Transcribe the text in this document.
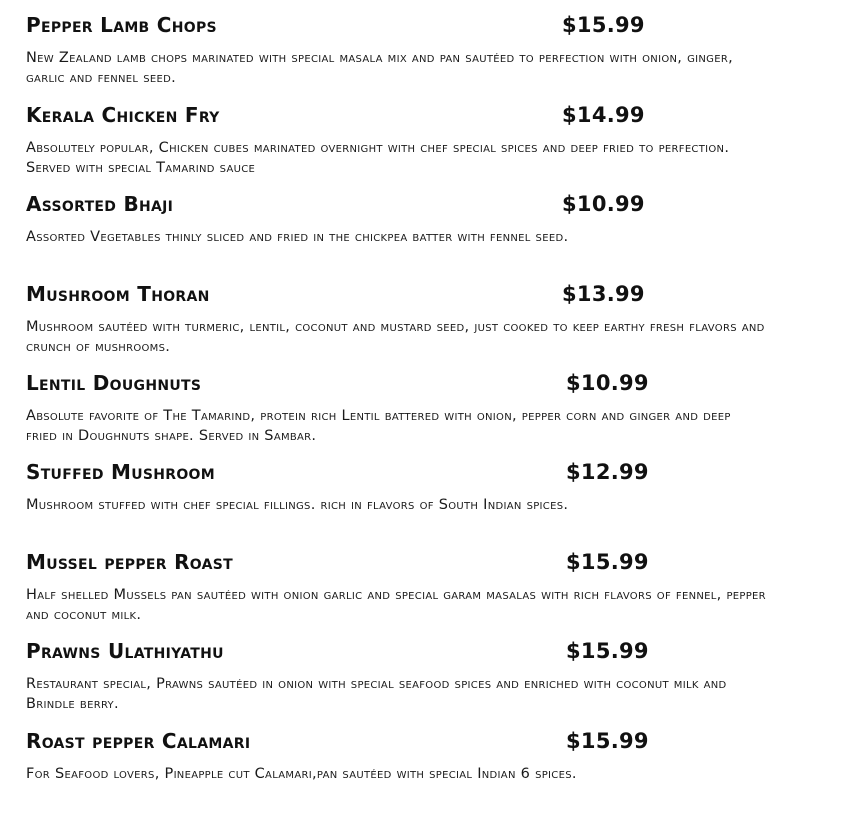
Pepper Lamb Chops	$15.99
New Zealand lamb chops marinated with special masala mix and pan sautéed to perfection with onion, ginger, garlic and fennel seed.
Kerala Chicken Fry	$14.99
Absolutely popular, Chicken cubes marinated overnight with chef special spices and deep fried to perfection. Served with special Tamarind sauce
Assorted Bhaji	$10.99
Assorted Vegetables thinly sliced and fried in the chickpea batter with fennel seed.
Mushroom Thoran	$13.99
Mushroom sautéed with turmeric, lentil, coconut and mustard seed, just cooked to keep earthy fresh flavors and crunch of mushrooms.
Lentil Doughnuts	$10.99
Absolute favorite of The Tamarind, protein rich Lentil battered with onion, pepper corn and ginger and deep fried in Doughnuts shape. Served in Sambar.
Stuffed Mushroom	$12.99
Mushroom stuffed with chef special fillings. rich in flavors of South Indian spices.
Mussel pepper Roast	$15.99
Half shelled Mussels pan sautéed with onion garlic and special garam masalas with rich flavors of fennel, pepper and coconut milk.
Prawns Ulathiyathu	$15.99
Restaurant special, Prawns sautéed in onion with special seafood spices and enriched with coconut milk and Brindle berry.
Roast pepper Calamari	$15.99
For Seafood lovers, Pineapple cut Calamari,pan sautéed with special Indian 6 spices.
